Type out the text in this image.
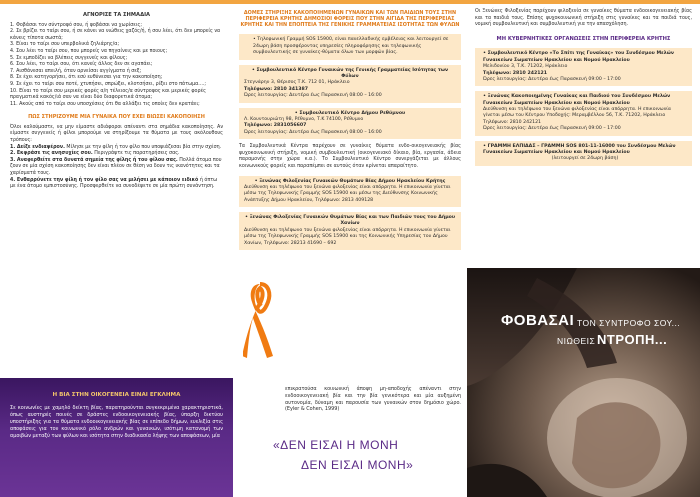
ΑΓΝΟΡΙΣΕ ΤΑ ΣΗΜΑΔΙΑ
1. Φοβάσαι τον σύντροφό σου, ή φοβάσαι να χωρίσεις;
2. Σε βρίζει το ταίρι σου, ή σε κάνει να νιώθεις χαζός/ή, ή σου λέει, ότι δεν μπορείς να κάνεις τίποτα σωστά;
3. Είναι το ταίρι σου υπερβολικά ζηλιάρης/α;
4. Σου λέει το ταίρι σου, που μπορείς να πηγαίνεις και με ποιους;
5. Σε εμποδίζει να βλέπεις συγγενείς και φίλους;
6. Σου λέει, το ταίρι σου, ότι κανείς άλλος δεν σε αγαπάει;
7. Αισθάνεσαι απειλή, όταν αρνείσαι αγγίγματα ή σεξ;
8. Σε έχει κατηγορήσει, ότι εσύ ευθύνεσαι για την κακοποίηση;
9. Σε έχει το ταίρι σου ποτέ, χτυπήσει, σπρώξει, κλοτσήσει, ρίξει στο πάτωμα....;
10. Είναι το ταίρι σου μερικές φορές α/η τέλειος/α σύντροφος και μερικές φορές πραγματικά κακός/ιά σαν να είναι δύο διαφορετικά άτομα;
11. Ακούς από το ταίρι σου υποσχέσεις ότι θα αλλάξει τις οποίες δεν κρατάει;
ΠΩΣ ΣΤΗΡΙΖΟΥΜΕ ΜΙΑ ΓΥΝΑΙΚΑ ΠΟΥ ΕΧΕΙ ΒΙΩΣΕΙ ΚΑΚΟΠΟΙΗΣΗ
Όλοι καλούμαστε, να μην είμαστε αδιάφοροι απέναντι στα σημάδια κακοποίησης. Αν είμαστε συγγενείς ή φίλοι μπορούμε να στηρίξουμε τα θύματα με τους ακόλουθους τρόπους:
1. Δείξε ενδιαφέρον. Μίλησε με την φίλη ή τον φίλο που υποψιάζεσαι βία στην σχέση.
2. Εκφράσε τις ανησυχίες σου. Περιγράψτε τις παρατηρήσεις σας.
3. Αναφερθείτε στα δυνατά σημεία της φίλης ή του φίλου σας. Πολλά άτομα που ζουν σε μία σχέση κακοποίησης δεν είναι πλέον σε θέση να δουν τις ικανότητες και τα χαρίσματά τους.
4. Ενθαρρύνετε την φίλη ή τον φίλο σας να μιλήσει με κάποιον ειδικό ή όπτω με ένα άτομο εμπιστοσύνης. Προσφερθείτε να συνοδέψετε σε μία πρώτη συνάντηση.
Η ΒΙΑ ΣΤΗΝ ΟΙΚΟΓΕΝΕΙΑ ΕΙΝΑΙ ΕΓΚΛΗΜΑ
Σε κοινωνίες με χαμηλό δείκτη βίας, παρατηρούνται συγκεκριμένα χαρακτηριστικά, όπως αυστηρές ποινές σε δράστες ενδοοικογενειακής βίας, ύπαρξη δικτύου υποστήριξης για τα θύματα ενδοοικογενειακής βίας σε επίπεδο δήμων, ευελιξία στις αποφάσεις για τον κοινωνικό ρόλο ανδρών και γυναικών, ισότιμη κατανομή των αμοιβών μεταξύ των φύλων και ισότητα στην διαδικασία λήψης των αποφάσεων, μία
ΔΟΜΕΣ ΣΤΗΡΙΞΗΣ ΚΑΚΟΠΟΙΗΜΕΝΩΝ ΓΥΝΑΙΚΩΝ ΚΑΙ ΤΩΝ ΠΑΙΔΙΩΝ ΤΟΥΣ ΣΤΗΝ ΠΕΡΙΦΕΡΕΙΑ ΚΡΗΤΗΣ ΔΗΜΟΣΙΟΙ ΦΟΡΕΙΣ ΠΟΥ ΣΤΗΝ ΑΙΓΙΔΑ ΤΗΣ ΠΕΡΙΦΕΡΕΙΑΣ ΚΡΗΤΗΣ ΚΑΙ ΤΗΝ ΕΠΟΠΤΕΙΑ ΤΗΣ ΓΕΝΙΚΗΣ ΓΡΑΜΜΑΤΕΙΑΣ ΙΣΟΤΗΤΑΣ ΤΩΝ ΦΥΛΩΝ
• Τηλεφωνική Γραμμή SOS 15900, είναι πανελλαδικής εμβέλειας και λειτουργεί σε 24ωρη βάση προσφέροντας υπηρεσίες πληροφόρησης και τηλεφωνικής συμβουλευτικής σε γυναίκες-θύματα όλων των μορφών βίας.
• Συμβουλευτικό Κέντρο Γυναικών της Γενικής Γραμματείας Ισότητας των Φύλων
Στεγνάρην 3, Θέρισος Τ.Κ. 712 01, Ηράκλειο
Τηλέφωνο: 2810 341387
Ώρες λειτουργίας: Δευτέρα έως Παρασκευή 08:00 – 16:00
• Συμβουλευτικό Κέντρο Δήμου Ρεθύμνου
Λ. Κουντουριώτη 98, Ρέθυμνο, Τ.Κ 74100, Ρέθυμνο
Τηλέφωνο: 2831056607
Ώρες λειτουργίας: Δευτέρα έως Παρασκευή 08:00 – 16:00
Τα Συμβουλευτικά Κέντρα παρέχουν σε γυναίκες θύματα ενδο-οικογενειακής βίας ψυχοκοινωνική στήριξη, νομική συμβουλευτική (οικογενειακό δίκαιο, βία, εργασία, άδεια παραμονής στην χώρα κ.α.). Το Συμβουλευτικό Κέντρο συνεργάζεται με άλλους κοινωνικούς φορείς και παραπέμπει σε αυτούς όταν κρίνεται απαραίτητο.
• Ξενώνας Φιλοξενίας Γυναικών Θυμάτων Βίας Δήμου Ηρακλείου Κρήτης
Διεύθυνση και τηλέφωνο του ξενώνα φιλοξενίας είναι απόρρητα. Η επικοινωνία γίνεται μέσω της Τηλεφωνικής Γραμμής SOS 15900 και μέσω της Διεύθυνσης Κοινωνικής Ανάπτυξης Δήμου Ηρακλείου, Τηλέφωνο: 2813 409128
• Ξενώνας Φιλοξενίας Γυναικών Θυμάτων Βίας και των Παιδιών τους του Δήμου Χανίων
Διεύθυνση και τηλέφωνο του ξενώνα φιλοξενίας είναι απόρρητα. Η επικοινωνία γίνεται μέσω της Τηλεφωνικής Γραμμής SOS 15900 και της Κοινωνικής Υπηρεσίας του Δήμου Χανίων, Τηλέφωνο: 28213 41690 – 692
επικρατούσα κοινωνική άποψη μη-αποδοχής απέναντι στην ενδοοικογενειακή βία και την βία γενικότερα και μία αυξημένη αυτονομία, δύναμη και παρουσία των γυναικών στον δημόσιο χώρο. (Eyler & Cohen, 1999)
«ΔΕΝ ΕΙΣΑΙ Η ΜΟΝΗ
ΔΕΝ ΕΙΣΑΙ ΜΟΝΗ»
Οι Ξενώνες Φιλοξενίας παρέχουν φιλοξενία σε γυναίκες θύματα ενδοοικογενειακής βίας και τα παιδιά τους. Επίσης ψυχοκοινωνική στήριξη στις γυναίκες και τα παιδιά τους, νομική συμβουλευτική και συμβουλευτική για την απασχόληση.
ΜΗ ΚΥΒΕΡΝΗΤΙΚΕΣ ΟΡΓΑΝΩΣΕΙΣ ΣΤΗΝ ΠΕΡΙΦΕΡΕΙΑ ΚΡΗΤΗΣ
• Συμβουλευτικό Κέντρο «Το Σπίτι της Γυναίκας» του Συνδέσμου Μελών Γυναικείων Σωματείων Ηρακλείου και Νομού Ηρακλείου
Μελιδονίου 3, Τ.Κ. 71202, Ηράκλειο
Τηλέφωνο: 2810 242121
Ώρες λειτουργίας: Δευτέρα έως Παρασκευή 09:00 – 17:00
• Ξενώνας Κακοποιημένης Γυναίκας και Παιδιού του Συνδέσμου Μελών Γυναικείων Σωματείων Ηρακλείου και Νομού Ηρακλείου
Διεύθυνση και τηλέφωνο του ξενώνα φιλοξενίας είναι απόρρητα. Η επικοινωνία γίνεται μέσω του Κέντρου Υποδοχής: Μεραμβέλλου 56, Τ.Κ. 71202, Ηράκλειο Τηλέφωνο: 2810 242121
Ώρες λειτουργίας: Δευτέρα έως Παρασκευή 09:00 – 17:00
• ΓΡΑΜΜΗ ΕΛΠΙΔΑΣ – ΓΡΑΜΜΗ SOS 801-11-16000 του Συνδέσμου Μελών Γυναικείων Σωματείων Ηρακλείου και Νομού Ηρακλείου
(λειτουργεί σε 24ωρη βάση)
ΦΟΒΑΣΑΙ ΤΟΝ ΣΥΝΤΡΟΦΟ ΣΟΥ...
ΝΙΩΘΕΙΣ ΝΤΡΟΠΗ...
